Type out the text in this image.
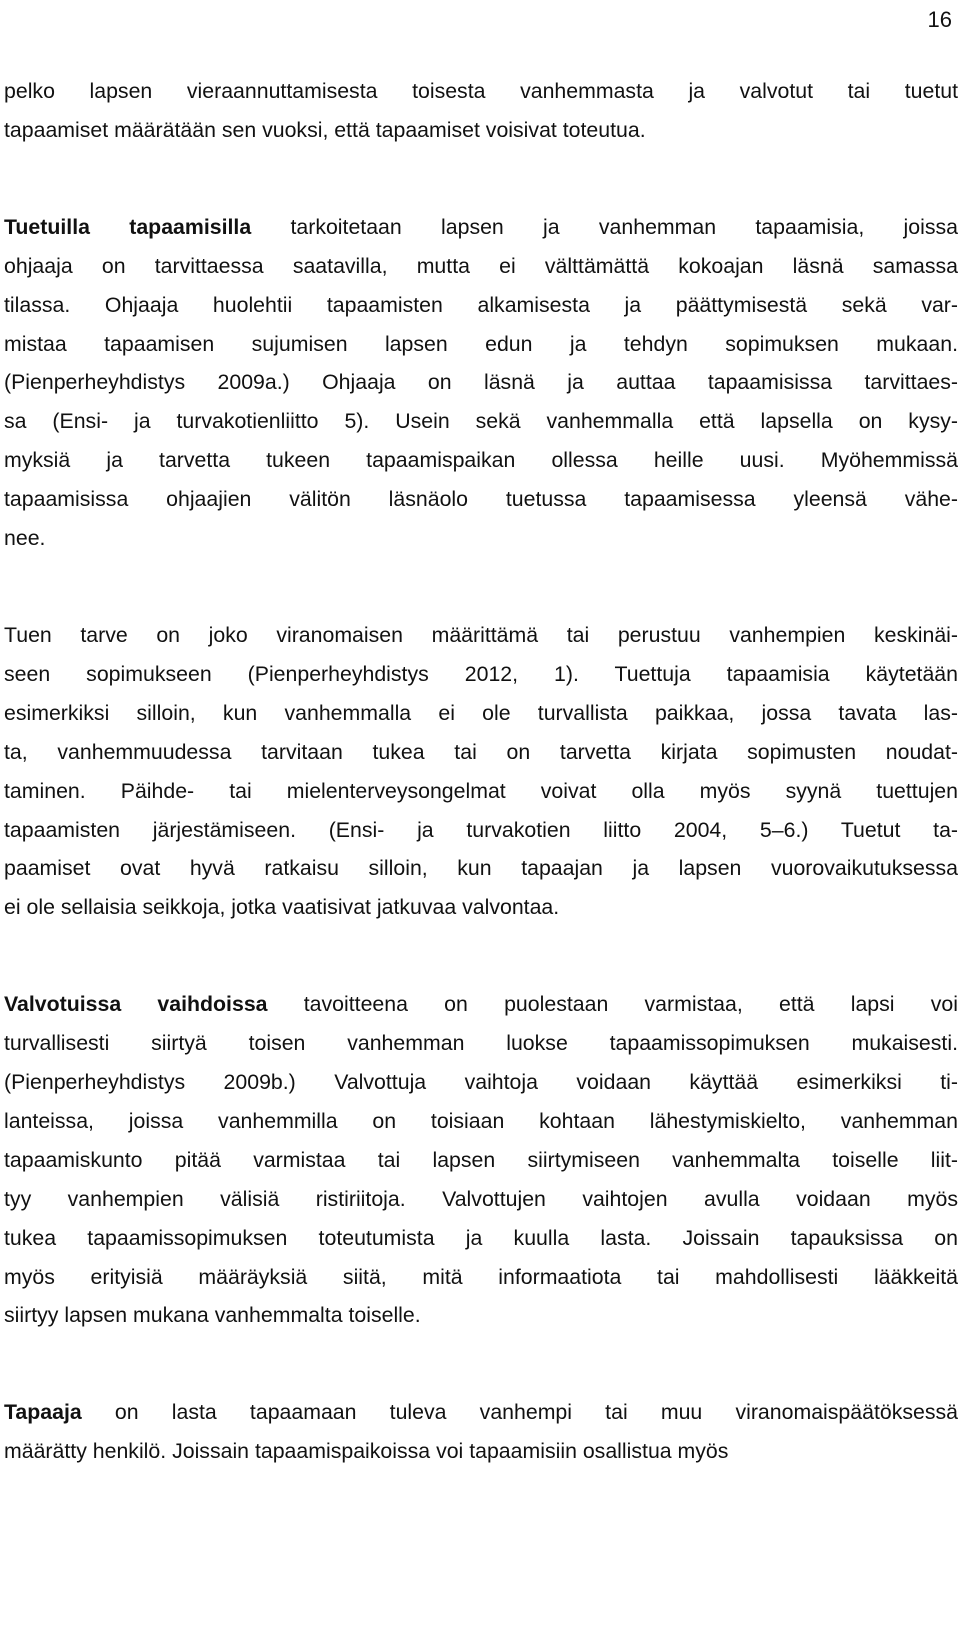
16

pelko lapsen vieraannuttamisesta toisesta vanhemmasta ja valvotut tai tuetut
tapaamiset määrätään sen vuoksi, että tapaamiset voisivat toteutua.

Tuetuilla tapaamisilla tarkoitetaan lapsen ja vanhemman tapaamisia, joissa
ohjaaja on tarvittaessa saatavilla, mutta ei välttämättä kokoajan läsnä samassa
tilassa. Ohjaaja huolehtii tapaamisten alkamisesta ja päättymisestä sekä var-
mistaa tapaamisen sujumisen lapsen edun ja tehdyn sopimuksen mukaan.
(Pienperheyhdistys 2009a.) Ohjaaja on läsnä ja auttaa tapaamisissa tarvittaes-
sa (Ensi- ja turvakotienliitto 5). Usein sekä vanhemmalla että lapsella on kysy-
myksiä ja tarvetta tukeen tapaamispaikan ollessa heille uusi. Myöhemmissä
tapaamisissa ohjaajien välitön läsnäolo tuetussa tapaamisessa yleensä vähe-
nee.

Tuen tarve on joko viranomaisen määrittämä tai perustuu vanhempien keskinäi-
seen sopimukseen (Pienperheyhdistys 2012, 1). Tuettuja tapaamisia käytetään
esimerkiksi silloin, kun vanhemmalla ei ole turvallista paikkaa, jossa tavata las-
ta, vanhemmuudessa tarvitaan tukea tai on tarvetta kirjata sopimusten noudat-
taminen. Päihde- tai mielenterveysongelmat voivat olla myös syynä tuettujen
tapaamisten järjestämiseen. (Ensi- ja turvakotien liitto 2004, 5–6.) Tuetut ta-
paamiset ovat hyvä ratkaisu silloin, kun tapaajan ja lapsen vuorovaikutuksessa
ei ole sellaisia seikkoja, jotka vaatisivat jatkuvaa valvontaa.

Valvotuissa vaihdoissa tavoitteena on puolestaan varmistaa, että lapsi voi
turvallisesti siirtyä toisen vanhemman luokse tapaamissopimuksen mukaisesti.
(Pienperheyhdistys 2009b.) Valvottuja vaihtoja voidaan käyttää esimerkiksi ti-
lanteissa, joissa vanhemmilla on toisiaan kohtaan lähestymiskielto, vanhemman
tapaamiskunto pitää varmistaa tai lapsen siirtymiseen vanhemmalta toiselle liit-
tyy vanhempien välisiä ristiriitoja. Valvottujen vaihtojen avulla voidaan myös
tukea tapaamissopimuksen toteutumista ja kuulla lasta. Joissain tapauksissa on
myös erityisiä määräyksiä siitä, mitä informaatiota tai mahdollisesti lääkkeitä
siirtyy lapsen mukana vanhemmalta toiselle.

Tapaaja on lasta tapaamaan tuleva vanhempi tai muu viranomaispäätöksessä
määrätty henkilö. Joissain tapaamispaikoissa voi tapaamisiin osallistua myös
